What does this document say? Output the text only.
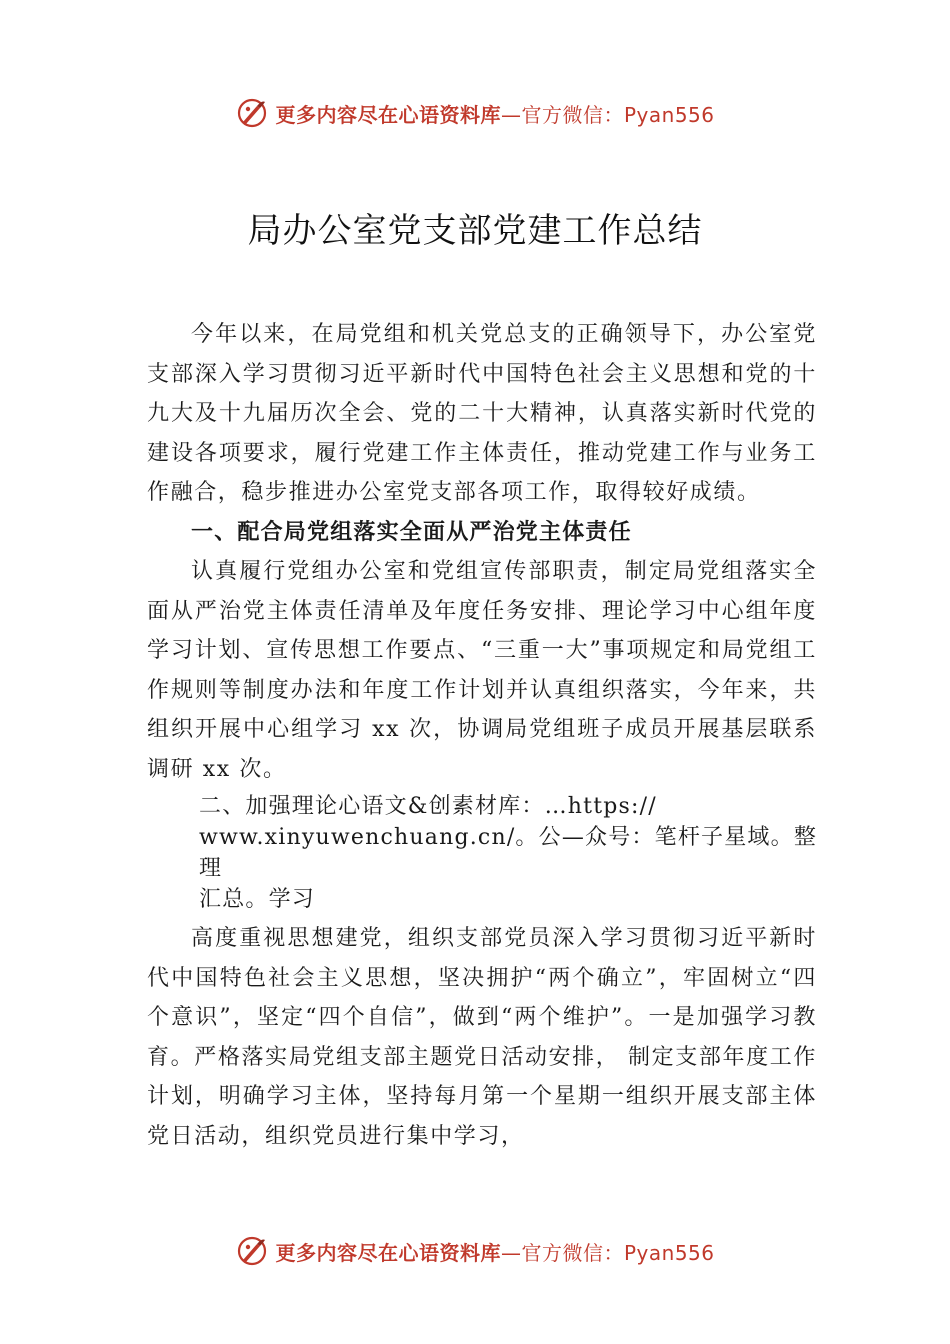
更多内容尽在心语资料库—官方微信：Pyan556
局办公室党支部党建工作总结

今年以来，在局党组和机关党总支的正确领导下，办公室党支部深入学习贯彻习近平新时代中国特色社会主义思想和党的十九大及十九届历次全会、党的二十大精神，认真落实新时代党的建设各项要求，履行党建工作主体责任，推动党建工作与业务工作融合，稳步推进办公室党支部各项工作，取得较好成绩。

一、配合局党组落实全面从严治党主体责任

认真履行党组办公室和党组宣传部职责，制定局党组落实全面从严治党主体责任清单及年度任务安排、理论学习中心组年度学习计划、宣传思想工作要点、“三重一大”事项规定和局党组工作规则等制度办法和年度工作计划并认真组织落实，今年来，共组织开展中心组学习 xx 次，协调局党组班子成员开展基层联系调研 xx 次。

二、加强理论心语文&创素材库：…https://
www.xinyuwenchuang.cn/。公—众号：笔杆子星域。整理
汇总。学习

高度重视思想建党，组织支部党员深入学习贯彻习近平新时代中国特色社会主义思想，坚决拥护“两个确立”，牢固树立“四个意识”，坚定“四个自信”，做到“两个维护”。一是加强学习教育。严格落实局党组支部主题党日活动安排， 制定支部年度工作计划，明确学习主体，坚持每月第一个星期一组织开展支部主体党日活动，组织党员进行集中学习，

更多内容尽在心语资料库—官方微信：Pyan556
